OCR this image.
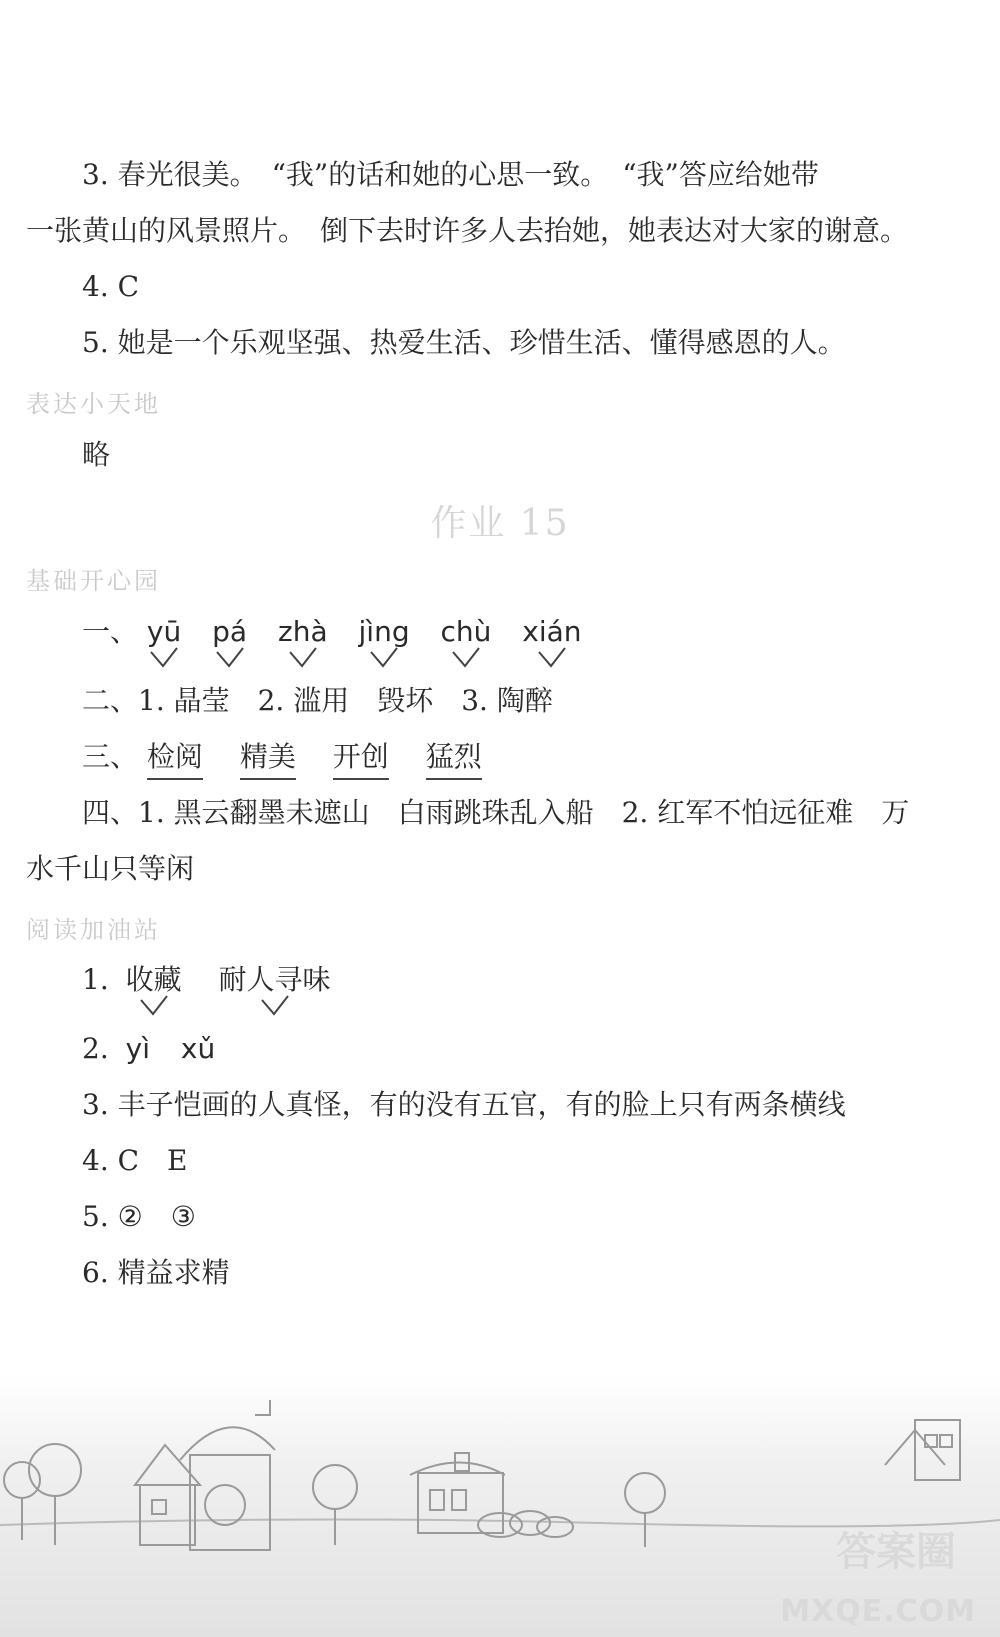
3. 春光很美。　“我”的话和她的心思一致。　“我”答应给她带
一张黄山的风景照片。　倒下去时许多人去抬她，她表达对大家的谢意。
4. C
5. 她是一个乐观坚强、热爱生活、珍惜生活、懂得感恩的人。
表达小天地
略
作业 15
基础开心园
一、 yū pá zhà jìng chù xián
二、1. 晶莹　2. 滥用　毁坏　3. 陶醉
三、 检阅 精美 开创 猛烈
四、1. 黑云翻墨未遮山　白雨跳珠乱入船　2. 红军不怕远征难　万
水千山只等闲
阅读加油站
1. 收藏 耐人寻味
2. yì xǔ
3. 丰子恺画的人真怪，有的没有五官，有的脸上只有两条横线
4. C　E
5. ②　③
6. 精益求精
答案圈
MXQE.COM
